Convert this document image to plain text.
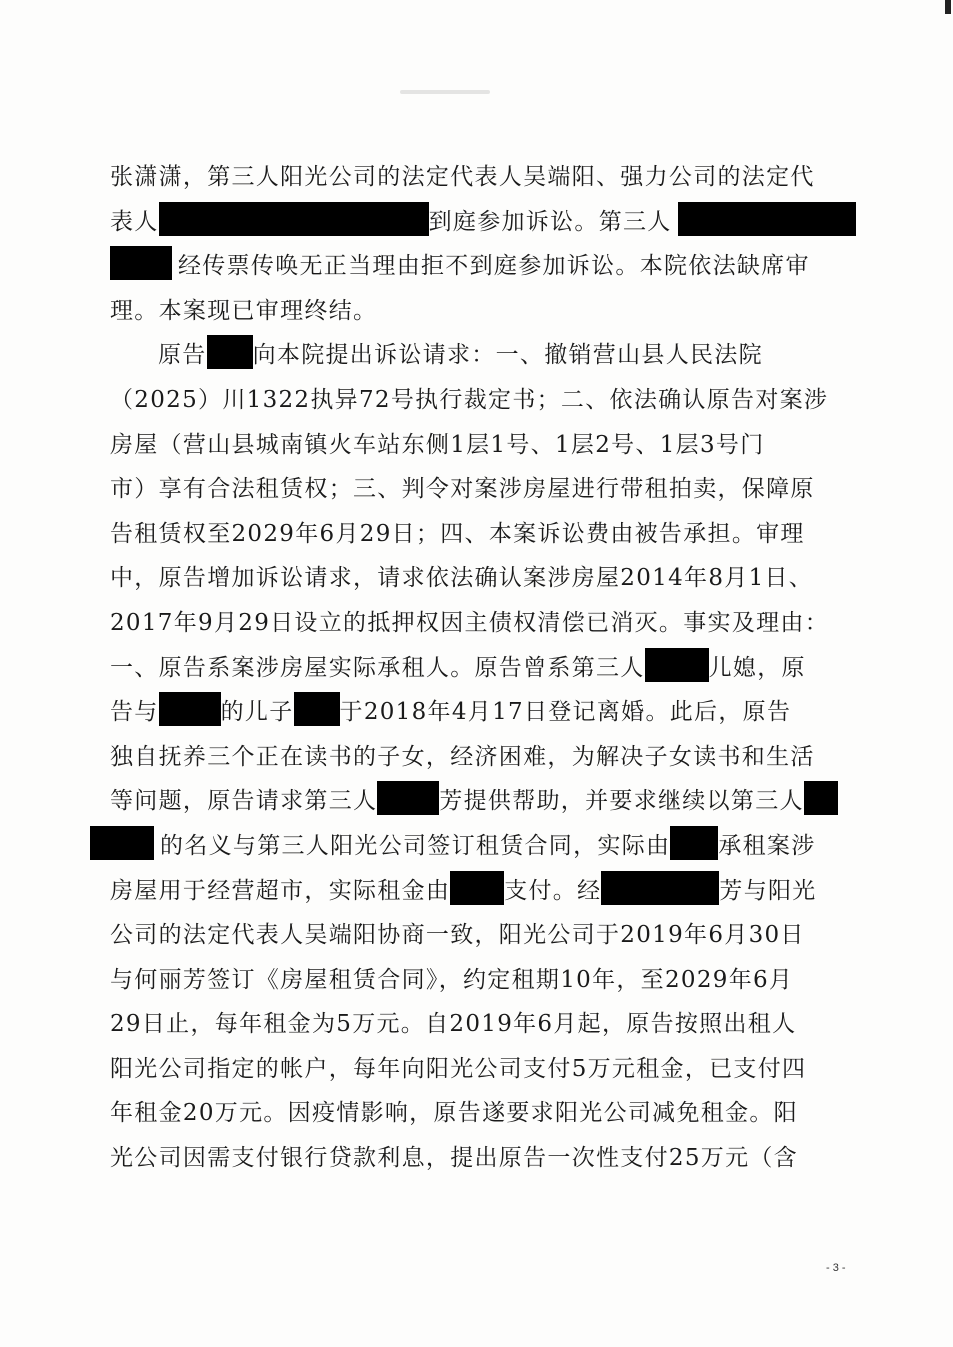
张潇潇，第三人阳光公司的法定代表人吴端阳、强力公司的法定代
表人	到庭参加诉讼。第三人
经传票传唤无正当理由拒不到庭参加诉讼。本院依法缺席审
理。本案现已审理终结。
原告 向本院提出诉讼请求：一、撤销营山县人民法院
（2025）川1322执异72号执行裁定书；二、依法确认原告对案涉
房屋（营山县城南镇火车站东侧1层1号、1层2号、1层3号门
市）享有合法租赁权；三、判令对案涉房屋进行带租拍卖，保障原
告租赁权至2029年6月29日；四、本案诉讼费由被告承担。审理
中，原告增加诉讼请求，请求依法确认案涉房屋2014年8月1日、
2017年9月29日设立的抵押权因主债权清偿已消灭。事实及理由：
一、原告系案涉房屋实际承租人。原告曾系第三人	儿媳，原
告与	的儿子 于2018年4月17日登记离婚。此后，原告
独自抚养三个正在读书的子女，经济困难，为解决子女读书和生活
等问题，原告请求第三人	芳提供帮助，并要求继续以第三人
的名义与第三人阳光公司签订租赁合同，实际由 承租案涉
房屋用于经营超市，实际租金由 支付。经	芳与阳光
公司的法定代表人吴端阳协商一致，阳光公司于2019年6月30日
与何丽芳签订《房屋租赁合同》，约定租期10年，至2029年6月
29日止，每年租金为5万元。自2019年6月起，原告按照出租人
阳光公司指定的帐户，每年向阳光公司支付5万元租金，已支付四
年租金20万元。因疫情影响，原告遂要求阳光公司减免租金。阳
光公司因需支付银行贷款利息，提出原告一次性支付25万元（含
- 3 -
